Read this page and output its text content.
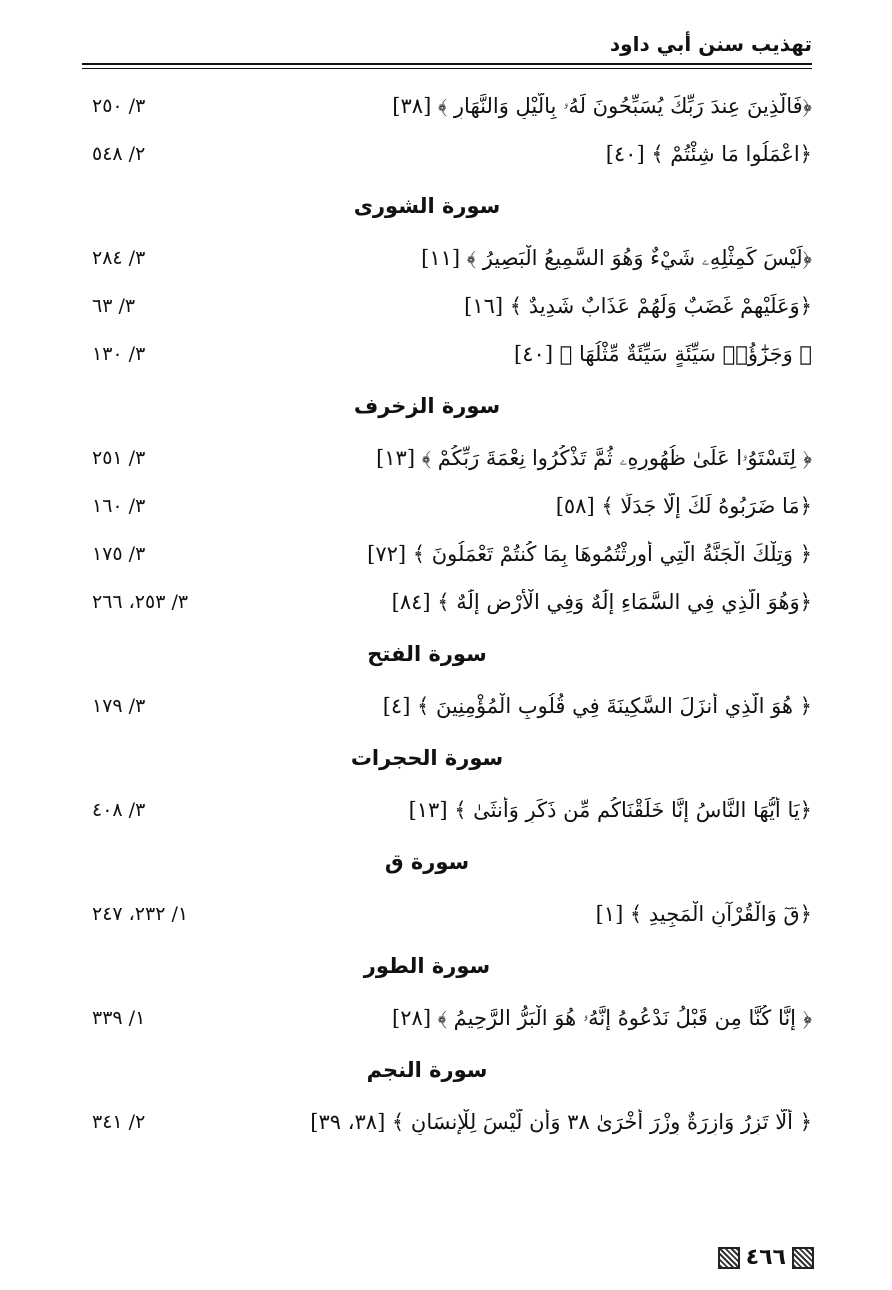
تهذيب سنن أبي داود
﴿فَالَّذِينَ عِندَ رَبِّكَ يُسَبِّحُونَ لَهُۥ بِالَّيْلِ وَالنَّهَارِ ﴾ [٣٨]
٣/ ٢٥٠
﴿اعْمَلُوا مَا شِئْتُمْ ﴾ [٤٠]
٢/ ٥٤٨
سورة الشورى
﴿لَيْسَ كَمِثْلِهِۦ شَيْءٌ وَهُوَ السَّمِيعُ الْبَصِيرُ ﴾ [١١]
٣/ ٢٨٤
﴿وَعَلَيْهِمْ غَضَبٌ وَلَهُمْ عَذَابٌ شَدِيدٌ ﴾ [١٦]
٣/ ٦٣
﴿ وَجَزَٰٓؤُا۟ سَيِّئَةٍ سَيِّئَةٌ مِّثْلُهَا ﴾ [٤٠]
٣/ ١٣٠
سورة الزخرف
﴿ لِتَسْتَوُۥا عَلَىٰ ظُهُورِهِۦ ثُمَّ تَذْكُرُوا نِعْمَةَ رَبِّكُمْ ﴾ [١٣]
٣/ ٢٥١
﴿مَا ضَرَبُوهُ لَكَ إِلَّا جَدَلًا ﴾ [٥٨]
٣/ ١٦٠
﴿ وَتِلْكَ الْجَنَّةُ الَّتِي أُورِثْتُمُوهَا بِمَا كُنتُمْ تَعْمَلُونَ ﴾ [٧٢]
٣/ ١٧٥
﴿وَهُوَ الَّذِي فِي السَّمَاءِ إِلَٰهٌ وَفِي الْأَرْضِ إِلَٰهٌ ﴾ [٨٤]
٣/ ٢٥٣، ٢٦٦
سورة الفتح
﴿ هُوَ الَّذِي أَنزَلَ السَّكِينَةَ فِي قُلُوبِ الْمُؤْمِنِينَ ﴾ [٤]
٣/ ١٧٩
سورة الحجرات
﴿يَا أَيُّهَا النَّاسُ إِنَّا خَلَقْنَاكُم مِّن ذَكَرٍ وَأُنثَىٰ ﴾ [١٣]
٣/ ٤٠٨
سورة ق
﴿قٓ وَالْقُرْآنِ الْمَجِيدِ ﴾ [١]
١/ ٢٣٢، ٢٤٧
سورة الطور
﴿ إِنَّا كُنَّا مِن قَبْلُ نَدْعُوهُ إِنَّهُۥ هُوَ الْبَرُّ الرَّحِيمُ ﴾ [٢٨]
١/ ٣٣٩
سورة النجم
﴿ أَلَّا تَزِرُ وَازِرَةٌ وِزْرَ أُخْرَىٰ ٣٨ وَأَن لَّيْسَ لِلْإِنسَانِ ﴾ [٣٨، ٣٩]
٢/ ٣٤١
٤٦٦
